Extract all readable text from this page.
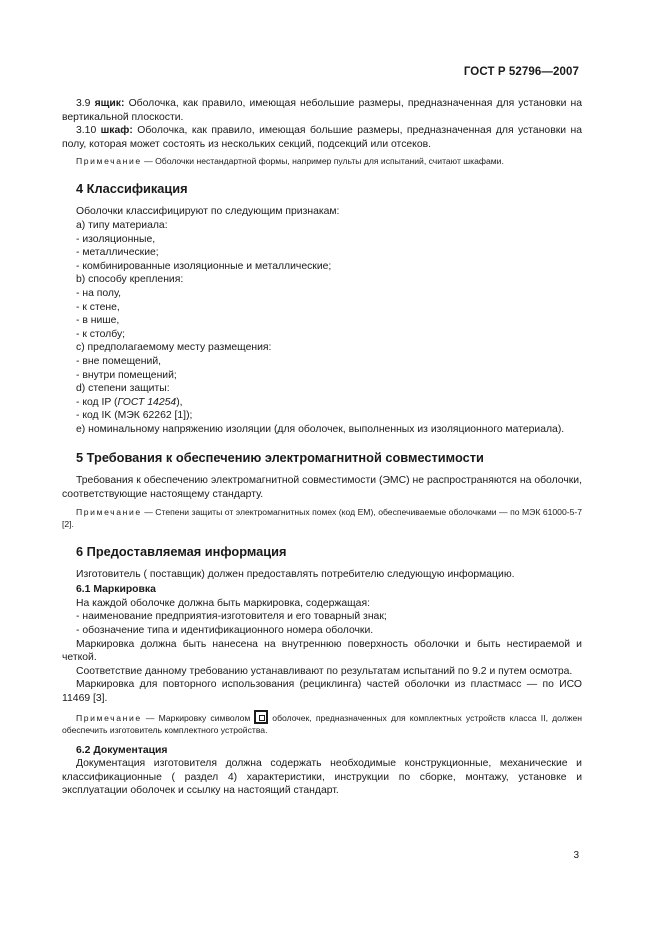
ГОСТ Р 52796—2007

3.9 ящик: Оболочка, как правило, имеющая небольшие размеры, предназначенная для установки на вертикальной плоскости.

3.10 шкаф: Оболочка, как правило, имеющая большие размеры, предназначенная для установки на полу, которая может состоять из нескольких секций, подсекций или отсеков.

Примечание — Оболочки нестандартной формы, например пульты для испытаний, считают шкафами.

4 Классификация

Оболочки классифицируют по следующим признакам:

а) типу материала:

- изоляционные,

- металлические;

- комбинированные изоляционные и металлические;

b) способу крепления:

- на полу,

- к стене,

- в нише,

- к столбу;

с) предполагаемому месту размещения:

- вне помещений,

- внутри помещений;

d) степени защиты:

- код IP (ГОСТ 14254),

- код IK (МЭК 62262 [1]);

е) номинальному напряжению изоляции (для оболочек, выполненных из изоляционного материала).

5 Требования к обеспечению электромагнитной совместимости

Требования к обеспечению электромагнитной совместимости (ЭМС) не распространяются на оболочки, соответствующие настоящему стандарту.

Примечание — Степени защиты от электромагнитных помех (код ЕМ), обеспечиваемые оболочками — по МЭК 61000-5-7 [2].

6 Предоставляемая информация

Изготовитель ( поставщик) должен предоставлять потребителю следующую информацию.

6.1 Маркировка

На каждой оболочке должна быть маркировка, содержащая:

- наименование предприятия-изготовителя и его товарный знак;

- обозначение типа и идентификационного номера оболочки.

Маркировка должна быть нанесена на внутреннюю поверхность оболочки и быть нестираемой и четкой.

Соответствие данному требованию устанавливают по результатам испытаний по 9.2 и путем осмотра.

Маркировка для повторного использования (рециклинга) частей оболочки из пластмасс — по ИСО 11469 [3].

Примечание — Маркировку символом	оболочек, предназначенных для комплектных устройств класса II, должен обеспечить изготовитель комплектного устройства.

6.2 Документация

Документация изготовителя должна содержать необходимые конструкционные, механические и классификационные ( раздел 4) характеристики, инструкции по сборке, монтажу, установке и эксплуатации оболочек и ссылку на настоящий стандарт.

3
